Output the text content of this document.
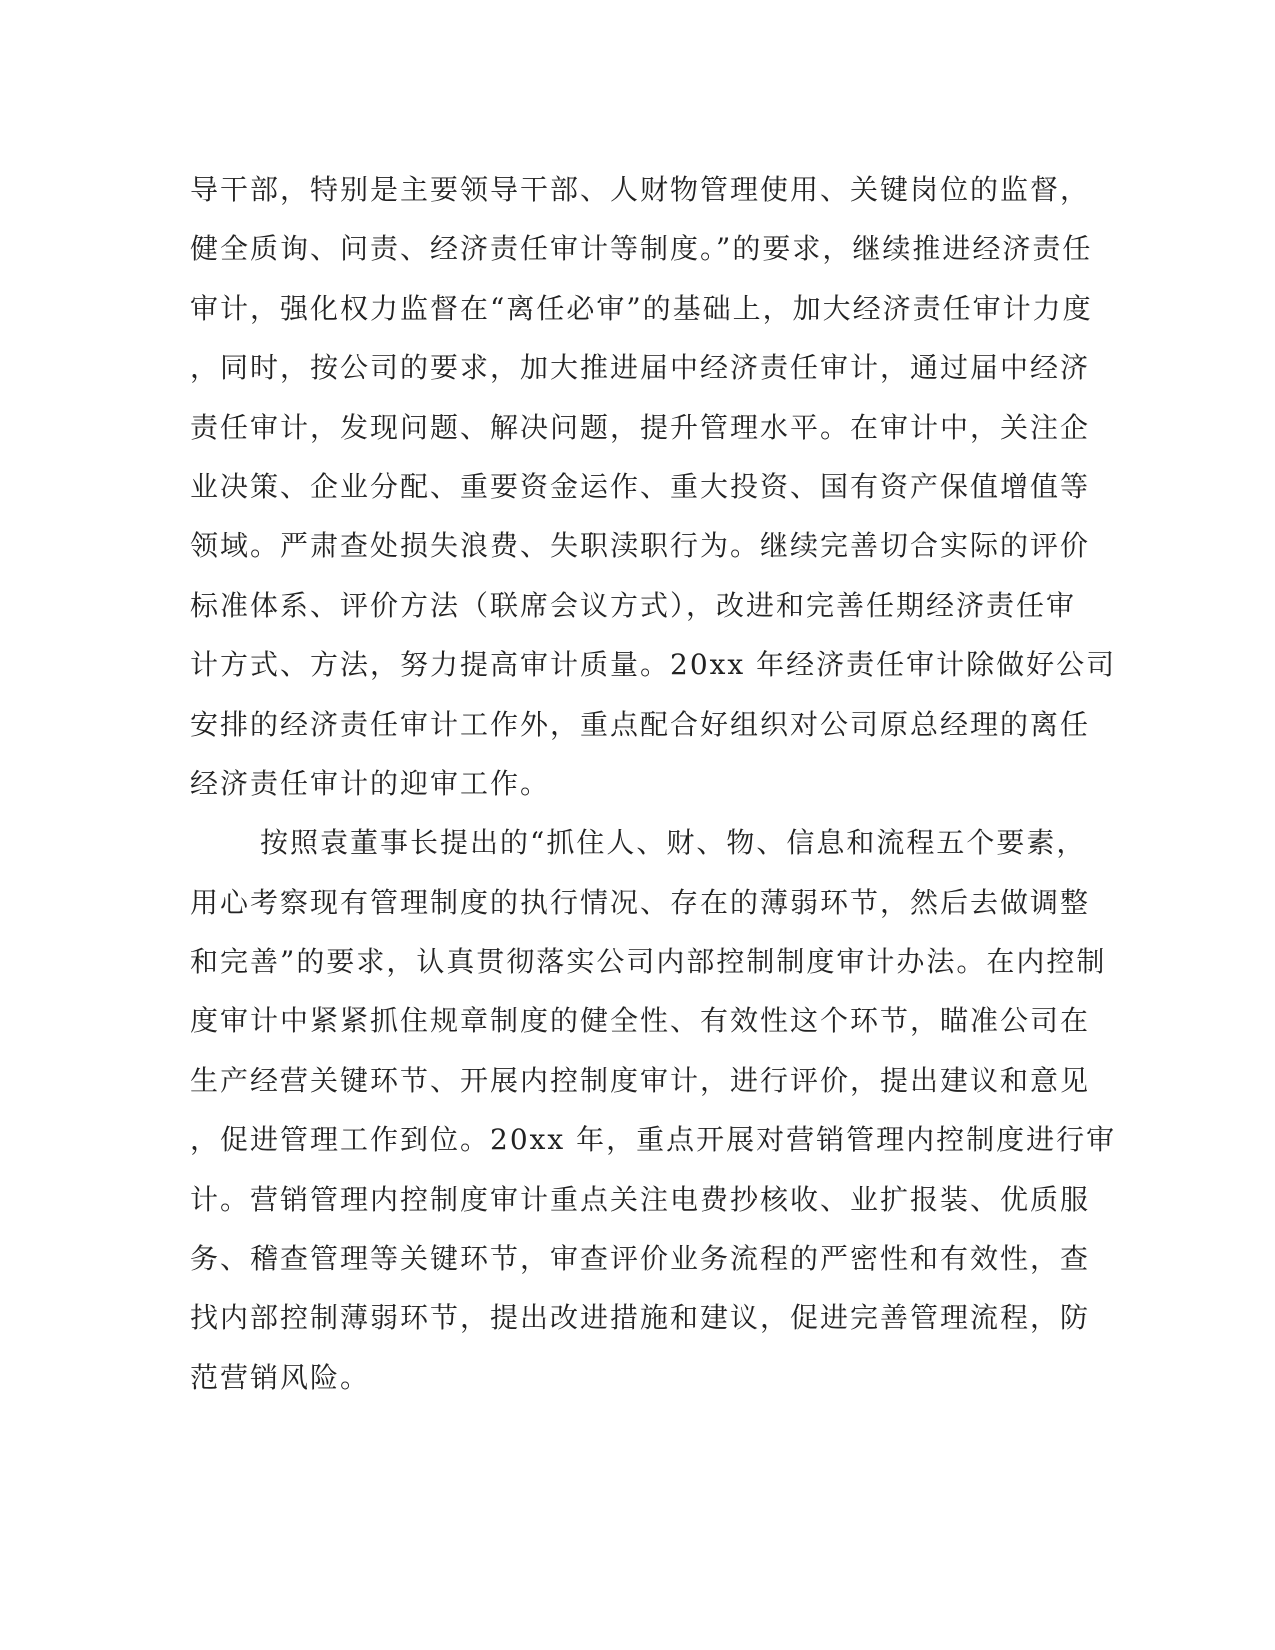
导干部，特别是主要领导干部、人财物管理使用、关键岗位的监督，
健全质询、问责、经济责任审计等制度。”的要求，继续推进经济责任
审计，强化权力监督在“离任必审”的基础上，加大经济责任审计力度
，同时，按公司的要求，加大推进届中经济责任审计，通过届中经济
责任审计，发现问题、解决问题，提升管理水平。在审计中，关注企
业决策、企业分配、重要资金运作、重大投资、国有资产保值增值等
领域。严肃查处损失浪费、失职渎职行为。继续完善切合实际的评价
标准体系、评价方法（联席会议方式），改进和完善任期经济责任审
计方式、方法，努力提高审计质量。20xx 年经济责任审计除做好公司
安排的经济责任审计工作外，重点配合好组织对公司原总经理的离任
经济责任审计的迎审工作。
按照袁董事长提出的“抓住人、财、物、信息和流程五个要素，
用心考察现有管理制度的执行情况、存在的薄弱环节，然后去做调整
和完善”的要求，认真贯彻落实公司内部控制制度审计办法。在内控制
度审计中紧紧抓住规章制度的健全性、有效性这个环节，瞄准公司在
生产经营关键环节、开展内控制度审计，进行评价，提出建议和意见
，促进管理工作到位。20xx 年，重点开展对营销管理内控制度进行审
计。营销管理内控制度审计重点关注电费抄核收、业扩报装、优质服
务、稽查管理等关键环节，审查评价业务流程的严密性和有效性，查
找内部控制薄弱环节，提出改进措施和建议，促进完善管理流程，防
范营销风险。
